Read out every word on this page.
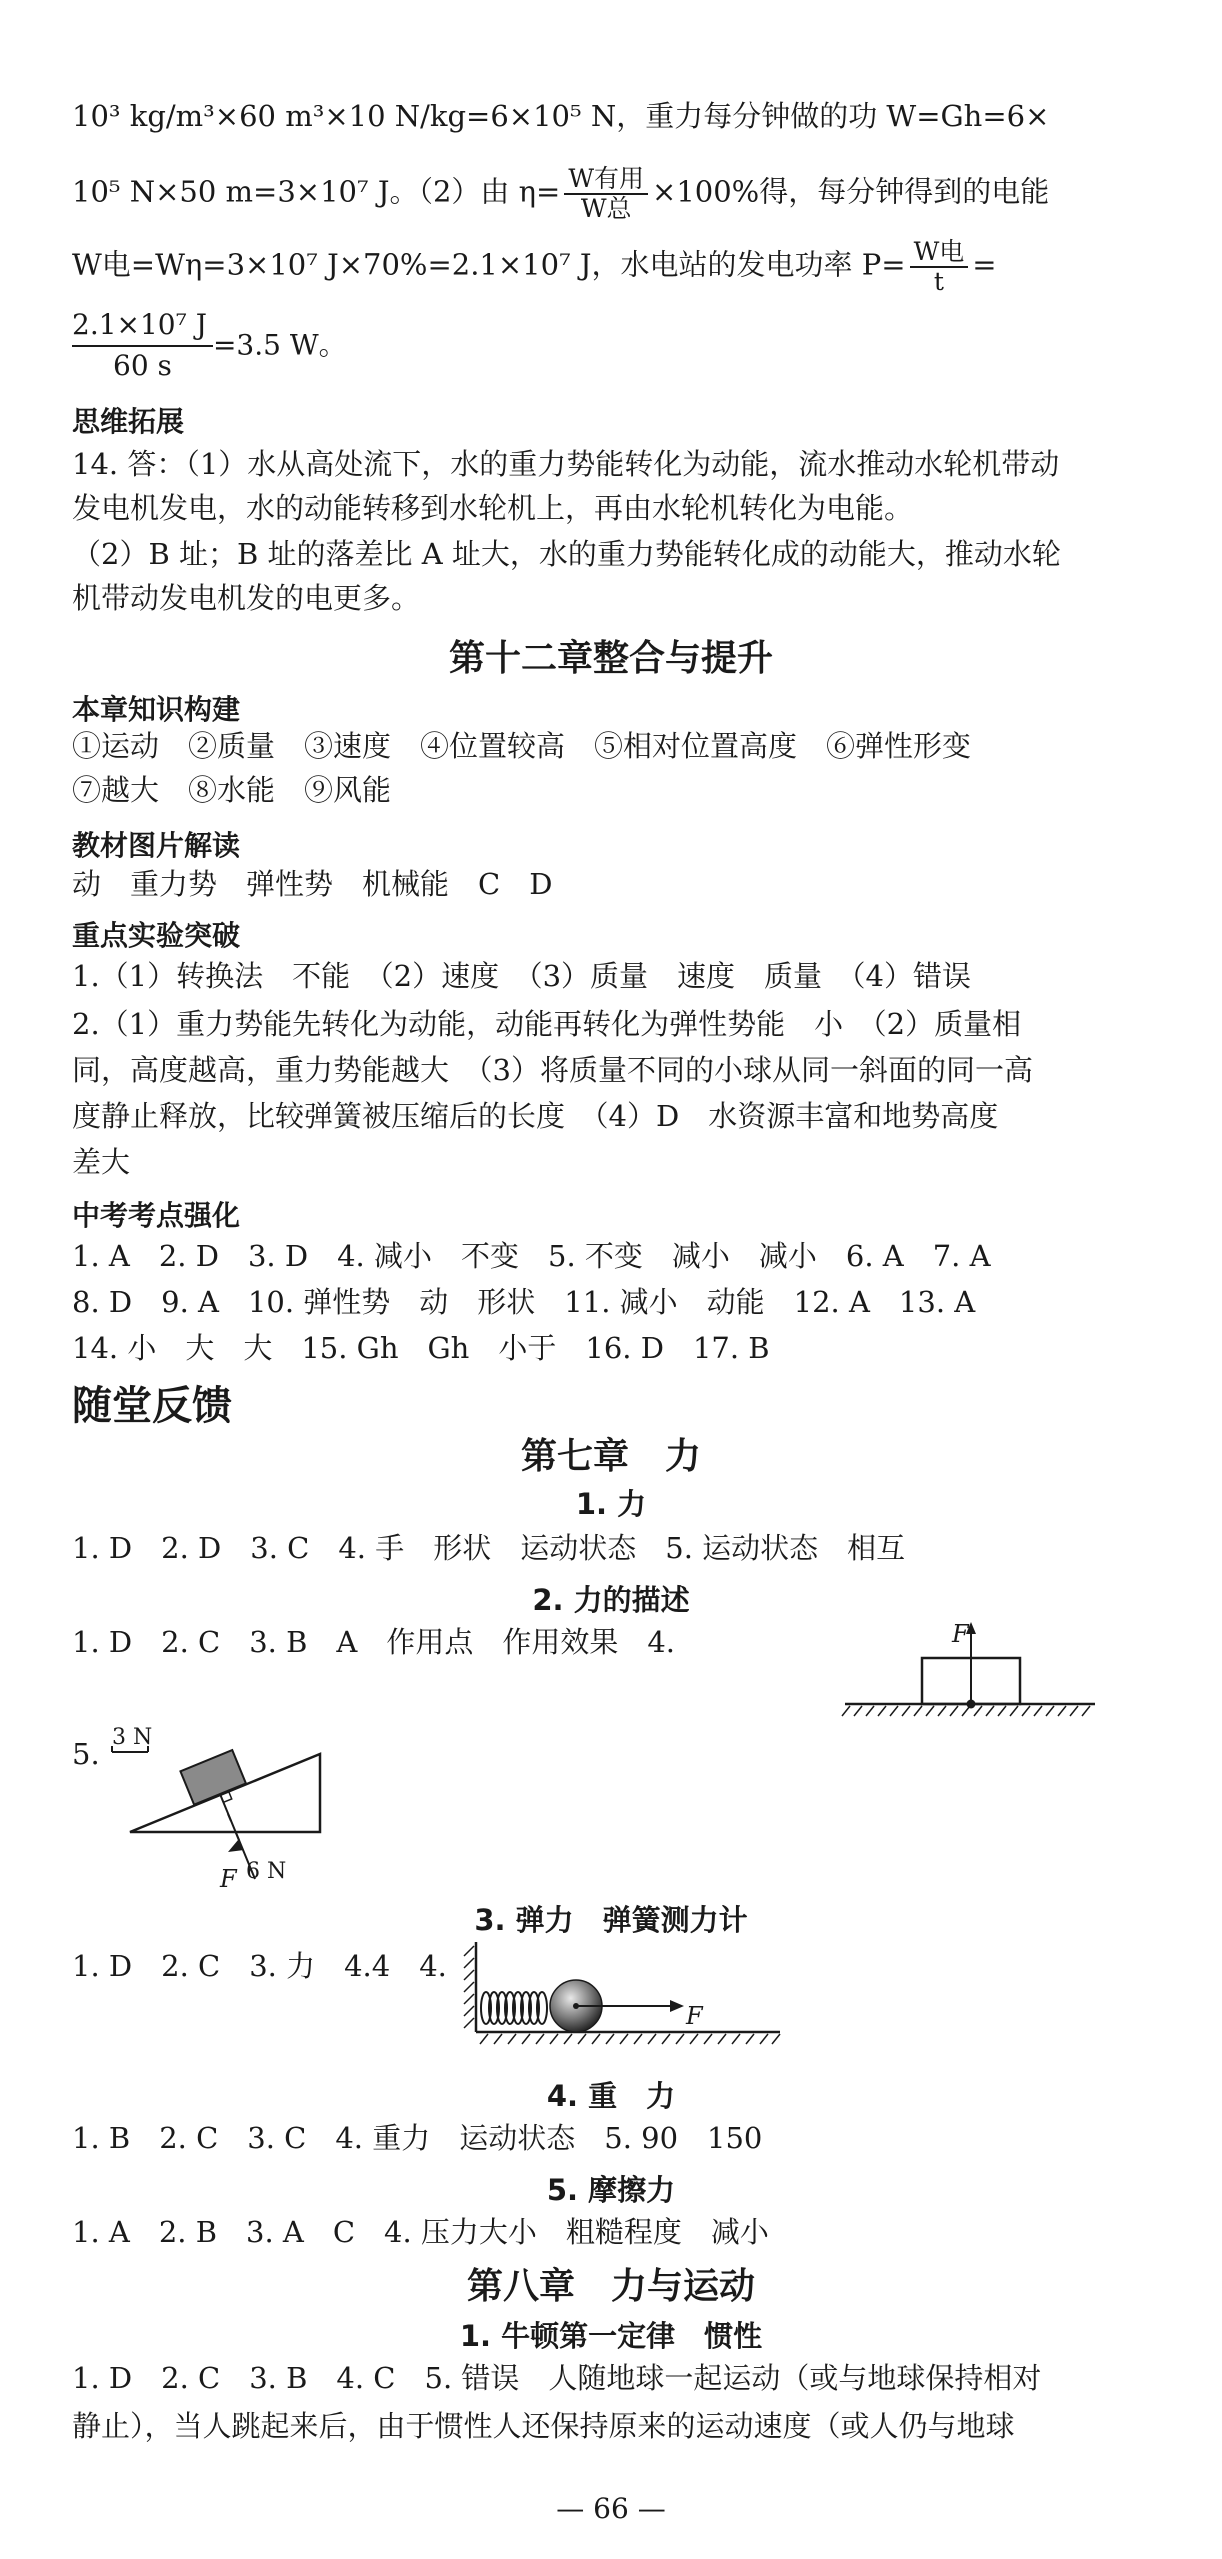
10³ kg/m³×60 m³×10 N/kg=6×10⁵ N，重力每分钟做的功 W=Gh=6×
10⁵ N×50 m=3×10⁷ J。（2）由 $\eta= \frac{\text{W有用}}{\text{W总}} \times 100\%$得，每分钟得到的电能
W电=Wη=3×10⁷ J×70%=2.1×10⁷ J，水电站的发电功率 $P= \frac{\text{W电}}{t}$ =
$\frac{\text{2.1×10⁷ J}}{60 s} =3.5$ W。
思维拓展
14. 答：（1）水从高处流下，水的重力势能转化为动能，流水推动水轮机带动
发电机发电，水的动能转移到水轮机上，再由水轮机转化为电能。
（2）B 址；B 址的落差比 A 址大，水的重力势能转化成的动能大，推动水轮
机带动发电机发的电更多。
第十二章整合与提升
本章知识构建
①运动　②质量　③速度　④位置较高　⑤相对位置高度　⑥弹性形变
⑦越大　⑧水能　⑨风能
教材图片解读
动　重力势　弹性势　机械能　C　D
重点实验突破
1.（1）转换法　不能　（2）速度　（3）质量　速度　质量　（4）错误
2.（1）重力势能先转化为动能，动能再转化为弹性势能　小　（2）质量相
同，高度越高，重力势能越大　（3）将质量不同的小球从同一斜面的同一高
度静止释放，比较弹簧被压缩后的长度　（4）D　水资源丰富和地势高度
差大
中考考点强化
1. A　2. D　3. D　4. 减小　不变　5. 不变　减小　减小　6. A　7. A
8. D　9. A　10. 弹性势　动　形状　11. 减小　动能　12. A　13. A
14. 小　大　大　15. Gh　Gh　小于　16. D　17. B
随堂反馈
第七章　力
1. 力
1. D　2. D　3. C　4. 手　形状　运动状态　5. 运动状态　相互
2. 力的描述
1. D　2. C　3. B　A　作用点　作用效果　4.	F
5. 3 N
F 6 N
3. 弹力　弹簧测力计
1. D　2. C　3. 力　4.4　4.
F
4. 重　力
1. B　2. C　3. C　4. 重力　运动状态　5. 90　150
5. 摩擦力
1. A　2. B　3. A　C　4. 压力大小　粗糙程度　减小
第八章　力与运动
1. 牛顿第一定律　惯性
1. D　2. C　3. B　4. C　5. 错误　人随地球一起运动（或与地球保持相对
静止），当人跳起来后，由于惯性人还保持原来的运动速度（或人仍与地球
— 66 —
